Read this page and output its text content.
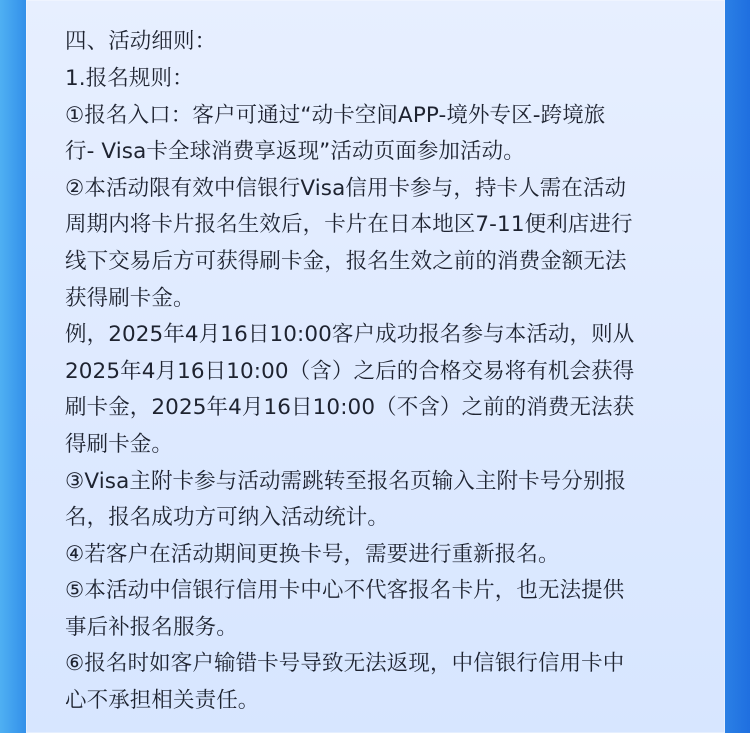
四、活动细则：
1.报名规则：
①报名入口：客户可通过“动卡空间APP-境外专区-跨境旅
行- Visa卡全球消费享返现”活动页面参加活动。
②本活动限有效中信银行Visa信用卡参与，持卡人需在活动
周期内将卡片报名生效后，卡片在日本地区7-11便利店进行
线下交易后方可获得刷卡金，报名生效之前的消费金额无法
获得刷卡金。
例，2025年4月16日10:00客户成功报名参与本活动，则从
2025年4月16日10:00（含）之后的合格交易将有机会获得
刷卡金，2025年4月16日10:00（不含）之前的消费无法获
得刷卡金。
③Visa主附卡参与活动需跳转至报名页输入主附卡号分别报
名，报名成功方可纳入活动统计。
④若客户在活动期间更换卡号，需要进行重新报名。
⑤本活动中信银行信用卡中心不代客报名卡片，也无法提供
事后补报名服务。
⑥报名时如客户输错卡号导致无法返现，中信银行信用卡中
心不承担相关责任。
